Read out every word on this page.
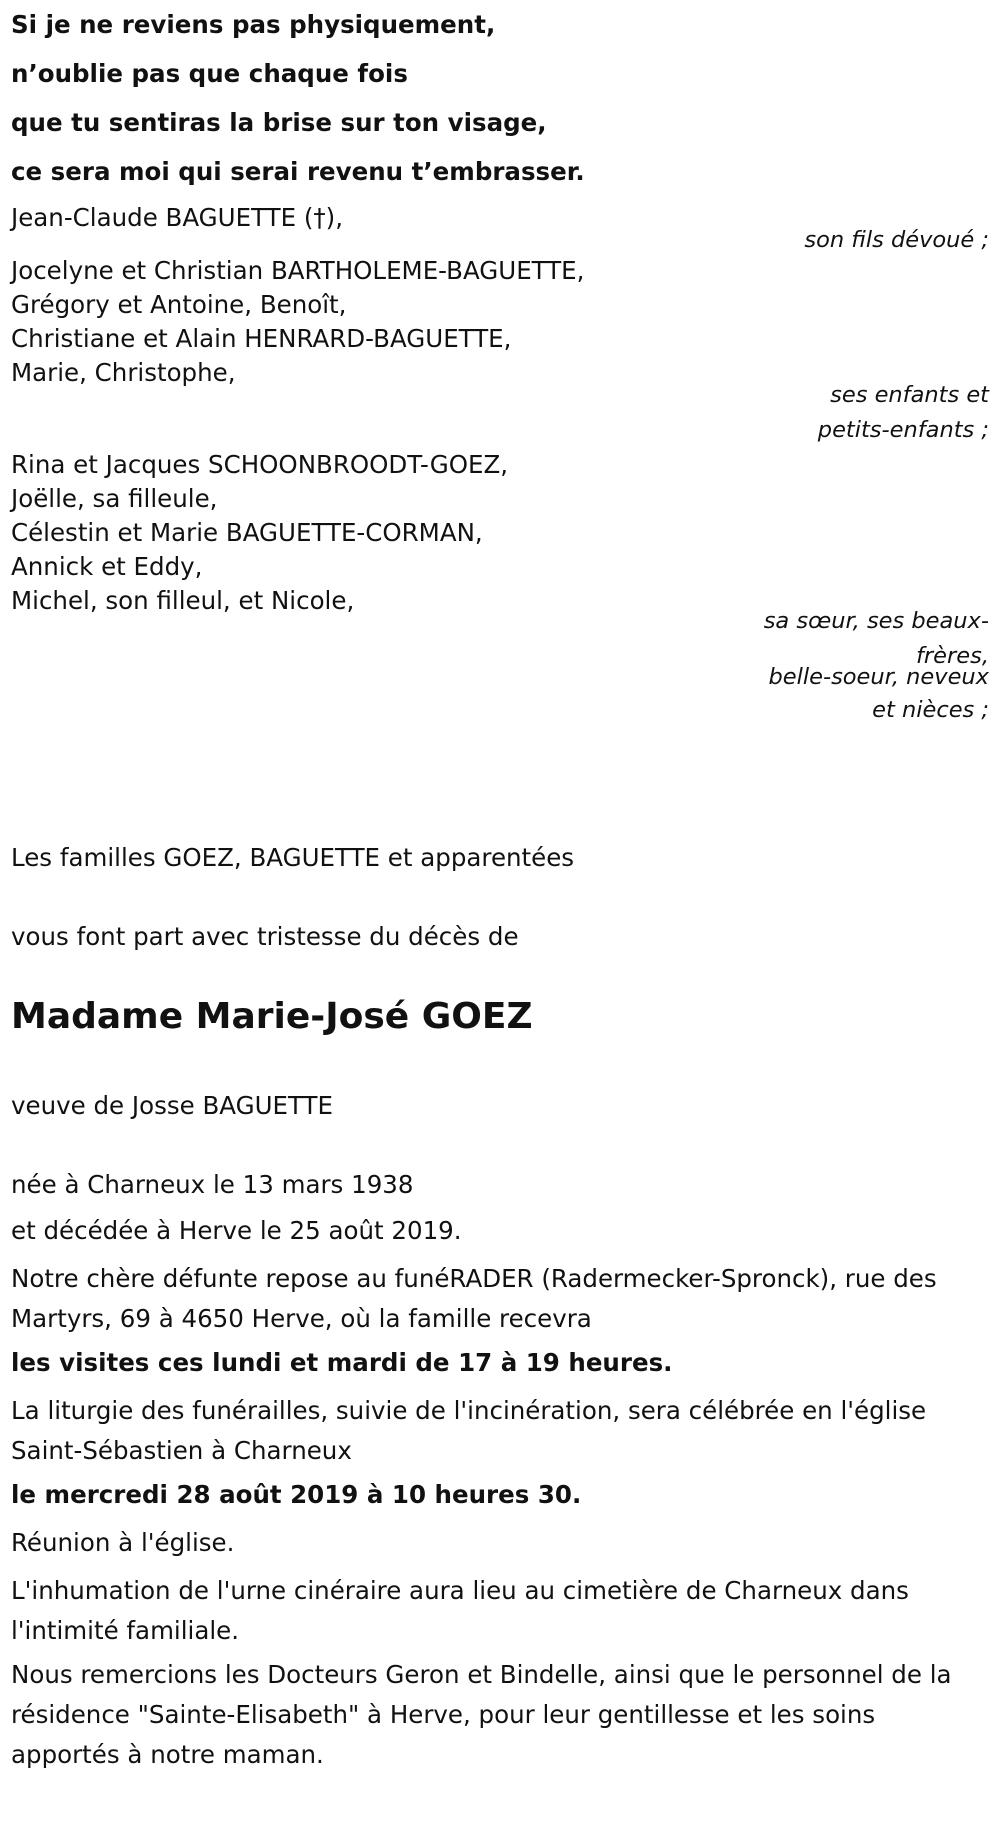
Si je ne reviens pas physiquement,
n’oublie pas que chaque fois
que tu sentiras la brise sur ton visage,
ce sera moi qui serai revenu t’embrasser.
Jean-Claude BAGUETTE (†),
son fils dévoué ;
Jocelyne et Christian BARTHOLEME-BAGUETTE,
Grégory et Antoine, Benoît,
Christiane et Alain HENRARD-BAGUETTE,
Marie, Christophe,
ses enfants et
petits-enfants ;
Rina et Jacques SCHOONBROODT-GOEZ,
Joëlle, sa filleule,
Célestin et Marie BAGUETTE-CORMAN,
Annick et Eddy,
Michel, son filleul, et Nicole,
sa sœur, ses beaux-
frères,
belle-soeur, neveux
et nièces ;
Les familles GOEZ, BAGUETTE et apparentées
vous font part avec tristesse du décès de
Madame Marie-José GOEZ
veuve de Josse BAGUETTE
née à Charneux le 13 mars 1938
et décédée à Herve le 25 août 2019.
Notre chère défunte repose au funéRADER (Radermecker-Spronck), rue des Martyrs, 69 à 4650 Herve, où la famille recevra
les visites ces lundi et mardi de 17 à 19 heures.
La liturgie des funérailles, suivie de l'incinération, sera célébrée en l'église Saint-Sébastien à Charneux
le mercredi 28 août 2019 à 10 heures 30.
Réunion à l'église.
L'inhumation de l'urne cinéraire aura lieu au cimetière de Charneux dans l'intimité familiale.
Nous remercions les Docteurs Geron et Bindelle, ainsi que le personnel de la résidence "Sainte-Elisabeth" à Herve, pour leur gentillesse et les soins apportés à notre maman.
